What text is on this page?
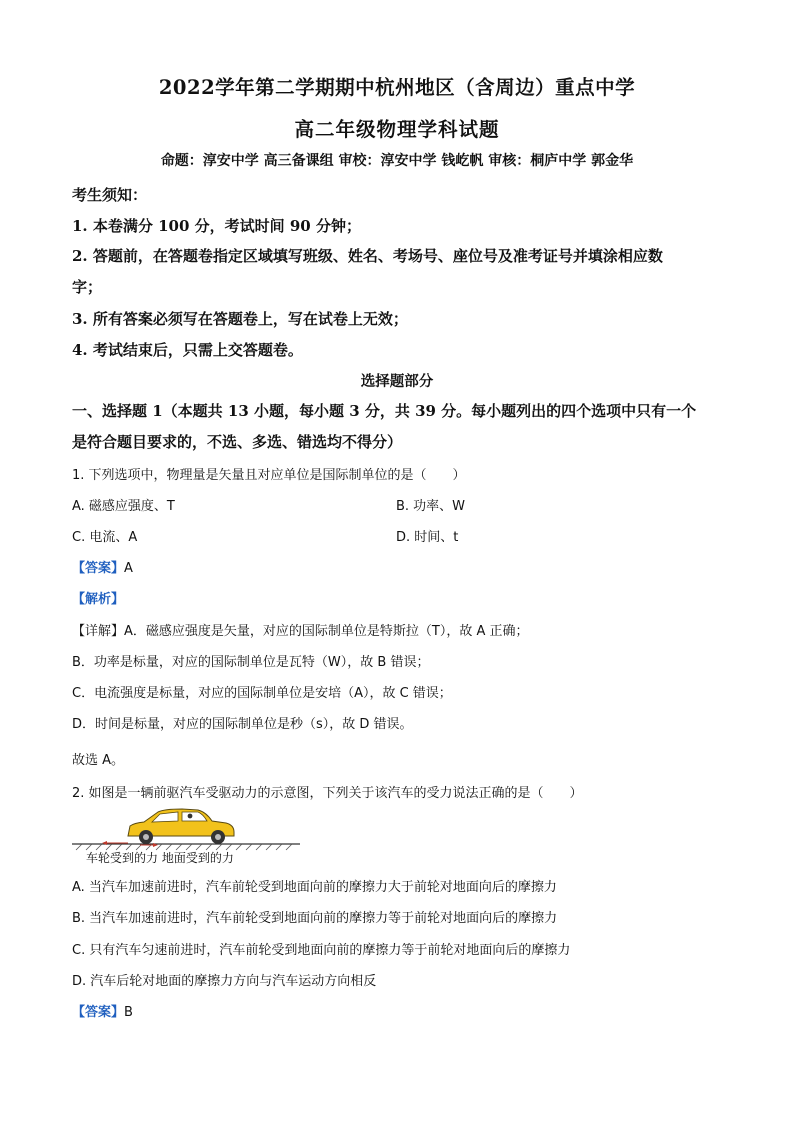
2022学年第二学期期中杭州地区（含周边）重点中学
高二年级物理学科试题
命题：淳安中学 高三备课组 审校：淳安中学 钱屹帆 审核：桐庐中学 郭金华
考生须知：
1. 本卷满分 100 分，考试时间 90 分钟；
2. 答题前，在答题卷指定区域填写班级、姓名、考场号、座位号及准考证号并填涂相应数
字；
3. 所有答案必须写在答题卷上，写在试卷上无效；
4. 考试结束后，只需上交答题卷。
选择题部分
一、选择题 1（本题共 13 小题，每小题 3 分，共 39 分。每小题列出的四个选项中只有一个
是符合题目要求的，不选、多选、错选均不得分）
1. 下列选项中，物理量是矢量且对应单位是国际制单位的是（　　）
A. 磁感应强度、T	B. 功率、W
C. 电流、A	D. 时间、t
【答案】A
【解析】
【详解】A．磁感应强度是矢量，对应的国际制单位是特斯拉（T），故 A 正确；
B．功率是标量，对应的国际制单位是瓦特（W），故 B 错误；
C．电流强度是标量，对应的国际制单位是安培（A），故 C 错误；
D．时间是标量，对应的国际制单位是秒（s），故 D 错误。
故选 A。
2. 如图是一辆前驱汽车受驱动力的示意图，下列关于该汽车的受力说法正确的是（　　）
车轮受到的力 地面受到的力
A. 当汽车加速前进时，汽车前轮受到地面向前的摩擦力大于前轮对地面向后的摩擦力
B. 当汽车加速前进时，汽车前轮受到地面向前的摩擦力等于前轮对地面向后的摩擦力
C. 只有汽车匀速前进时，汽车前轮受到地面向前的摩擦力等于前轮对地面向后的摩擦力
D. 汽车后轮对地面的摩擦力方向与汽车运动方向相反
【答案】B
